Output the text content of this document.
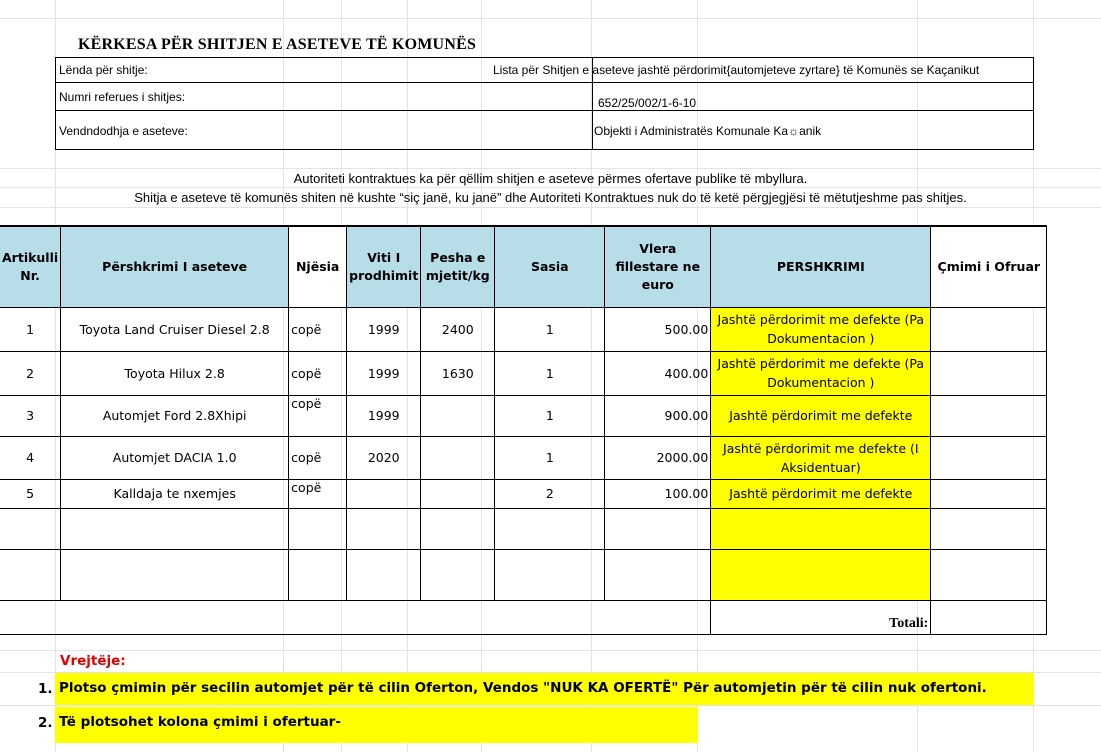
KËRKESA PËR SHITJEN E ASETEVE TË KOMUNËS
Lënda për shitje:	Lista për Shitjen e aseteve jashtë përdorimit{automjeteve zyrtare} të Komunës se Kaçanikut
Numri referues i shitjes:	652/25/002/1-6-10
Vendndodhja e aseteve:	Objekti i Administratës Komunale Ka☼anik
Autoriteti kontraktues ka për qëllim shitjen e aseteve përmes ofertave publike të mbyllura.
Shitja e aseteve të komunës shiten në kushte “siç janë, ku janë” dhe Autoriteti Kontraktues nuk do të ketë përgjegjësi të mëtutjeshme pas shitjes.
Artikulli Nr.	Përshkrimi I aseteve	Njësia	Viti I prodhimit	Pesha e mjetit/kg	Sasia	Vlera fillestare ne euro	PERSHKRIMI	Çmimi i Ofruar
1	Toyota Land Cruiser Diesel 2.8	copë	1999	2400	1	500.00	Jashtë përdorimit me defekte (Pa Dokumentacion )	
2	Toyota Hilux 2.8	copë	1999	1630	1	400.00	Jashtë përdorimit me defekte (Pa Dokumentacion )	
3	Automjet Ford 2.8Xhipi	copë	1999		1	900.00	Jashtë përdorimit me defekte	
4	Automjet DACIA 1.0	copë	2020		1	2000.00	Jashtë përdorimit me defekte (I Aksidentuar)	
5	Kalldaja te nxemjes	copë			2	100.00	Jashtë përdorimit me defekte	

							Totali:	
Vrejtëje:
1. Plotso çmimin për secilin automjet për të cilin Oferton, Vendos "NUK KA OFERTË" Për automjetin për të cilin nuk ofertoni.
2. Të plotsohet kolona çmimi i ofertuar-
